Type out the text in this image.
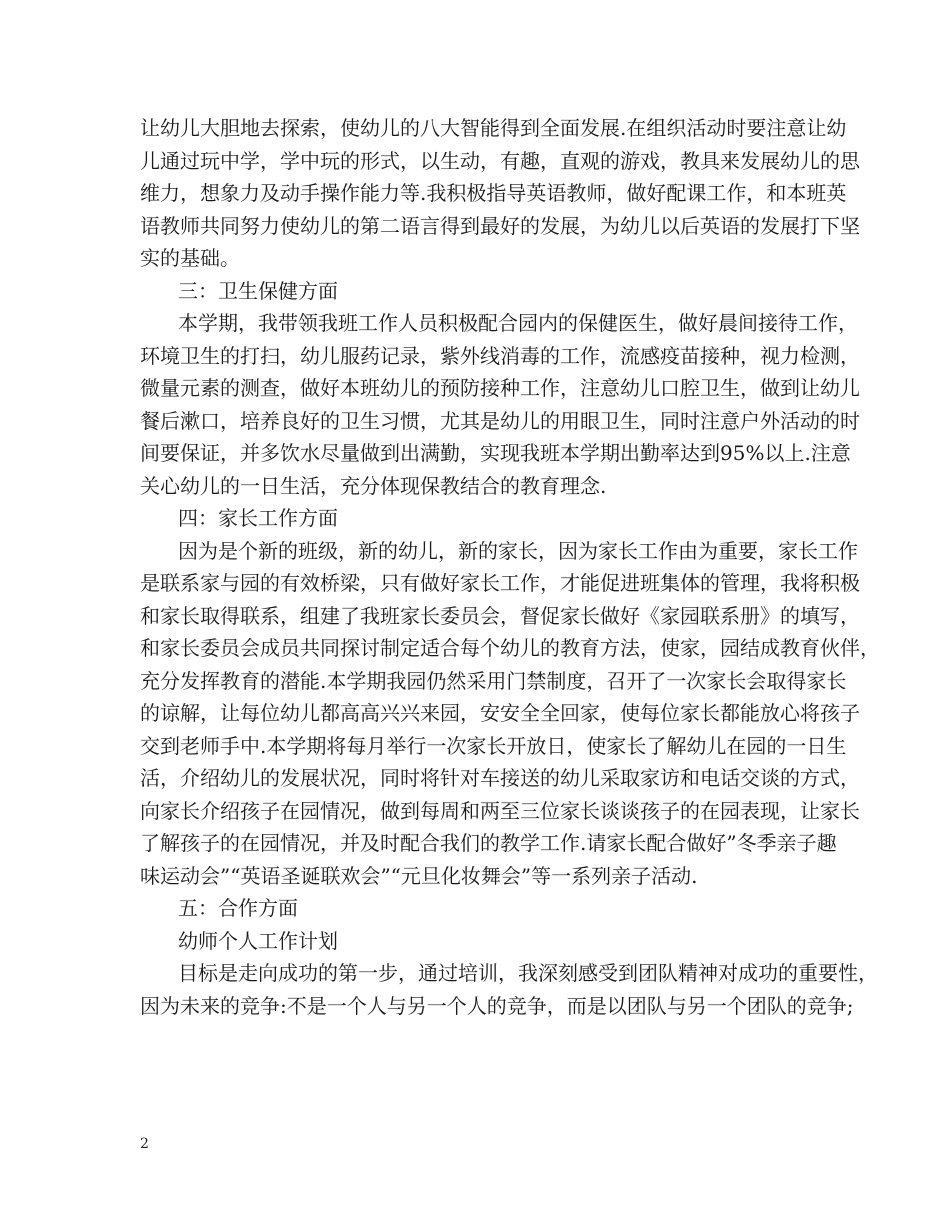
让幼儿大胆地去探索，使幼儿的八大智能得到全面发展.在组织活动时要注意让幼
儿通过玩中学，学中玩的形式，以生动，有趣，直观的游戏，教具来发展幼儿的思
维力，想象力及动手操作能力等.我积极指导英语教师，做好配课工作，和本班英
语教师共同努力使幼儿的第二语言得到最好的发展，为幼儿以后英语的发展打下坚
实的基础。
三：卫生保健方面
本学期，我带领我班工作人员积极配合园内的保健医生，做好晨间接待工作，
环境卫生的打扫，幼儿服药记录，紫外线消毒的工作，流感疫苗接种，视力检测，
微量元素的测查，做好本班幼儿的预防接种工作，注意幼儿口腔卫生，做到让幼儿
餐后漱口，培养良好的卫生习惯，尤其是幼儿的用眼卫生，同时注意户外活动的时
间要保证，并多饮水尽量做到出满勤，实现我班本学期出勤率达到95%以上.注意
关心幼儿的一日生活，充分体现保教结合的教育理念.
四：家长工作方面
因为是个新的班级，新的幼儿，新的家长，因为家长工作由为重要，家长工作
是联系家与园的有效桥梁，只有做好家长工作，才能促进班集体的管理，我将积极
和家长取得联系，组建了我班家长委员会，督促家长做好《家园联系册》的填写，
和家长委员会成员共同探讨制定适合每个幼儿的教育方法，使家，园结成教育伙伴，
充分发挥教育的潜能.本学期我园仍然采用门禁制度，召开了一次家长会取得家长
的谅解，让每位幼儿都高高兴兴来园，安安全全回家，使每位家长都能放心将孩子
交到老师手中.本学期将每月举行一次家长开放日，使家长了解幼儿在园的一日生
活，介绍幼儿的发展状况，同时将针对车接送的幼儿采取家访和电话交谈的方式，
向家长介绍孩子在园情况，做到每周和两至三位家长谈谈孩子的在园表现，让家长
了解孩子的在园情况，并及时配合我们的教学工作.请家长配合做好”冬季亲子趣
味运动会”“英语圣诞联欢会”“元旦化妆舞会”等一系列亲子活动.
五：合作方面
幼师个人工作计划
目标是走向成功的第一步，通过培训，我深刻感受到团队精神对成功的重要性，
因为未来的竞争:不是一个人与另一个人的竞争，而是以团队与另一个团队的竞争;
2
